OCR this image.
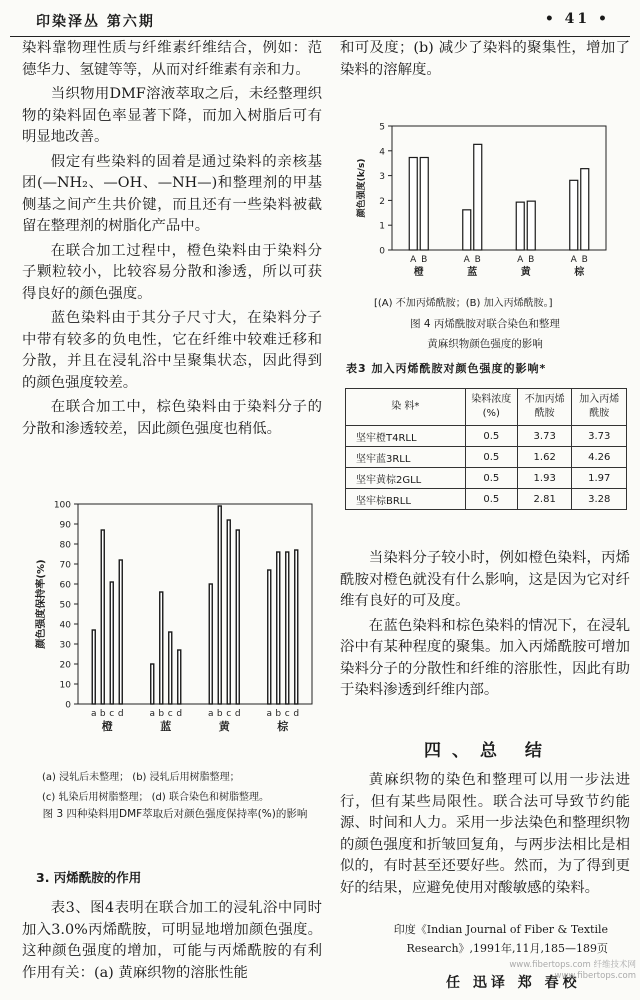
印染泽丛 第六期	• 41 •

染料靠物理性质与纤维素纤维结合，例如：范德华力、氢键等等，从而对纤维素有亲和力。

当织物用DMF溶液萃取之后，未经整理织物的染料固色率显著下降，而加入树脂后可有明显地改善。

假定有些染料的固着是通过染料的亲核基团(—NH₂、—OH、—NH—)和整理剂的甲基侧基之间产生共价键，而且还有一些染料被截留在整理剂的树脂化产品中。

在联合加工过程中，橙色染料由于染料分子颗粒较小，比较容易分散和渗透，所以可获得良好的颜色强度。

蓝色染料由于其分子尺寸大，在染料分子中带有较多的负电性，它在纤维中较难迁移和分散，并且在浸轧浴中呈聚集状态，因此得到的颜色强度较差。

在联合加工中，棕色染料由于染料分子的分散和渗透较差，因此颜色强度也稍低。

0
10
20
30
40
50
60
70
80
90
100
颜色强度保持率(%)
a b c d
橙
a b c d
蓝
a b c d
黄
a b c d
棕
(a) 浸轧后未整理； (b) 浸轧后用树脂整理；
(c) 轧染后用树脂整理； (d) 联合染色和树脂整理。
图 3 四种染料用DMF萃取后对颜色强度保持率(%)的影响
3. 丙烯酰胺的作用

表3、图4表明在联合加工的浸轧浴中同时加入3.0%丙烯酰胺，可明显地增加颜色强度。这种颜色强度的增加，可能与丙烯酰胺的有利作用有关：(a) 黄麻织物的溶胀性能

和可及度；(b) 减少了染料的聚集性，增加了染料的溶解度。

0
1
2
3
4
5
颜色强度(k/s)
A B
橙
A B
蓝
A B
黄
A B
棕
[(A) 不加丙烯酰胺；(B) 加入丙烯酰胺。]
图 4 丙烯酰胺对联合染色和整理
黄麻织物颜色强度的影响
表3 加入丙烯酰胺对颜色强度的影响*
染 料*	染料浓度 (%)	不加丙烯酰胺	加入丙烯酰胺
坚牢橙T4RLL	0.5	3.73	3.73
坚牢蓝3RLL	0.5	1.62	4.26
坚牢黄棕2GLL	0.5	1.93	1.97
坚牢棕BRLL	0.5	2.81	3.28

当染料分子较小时，例如橙色染料，丙烯酰胺对橙色就没有什么影响，这是因为它对纤维有良好的可及度。

在蓝色染料和棕色染料的情况下，在浸轧浴中有某种程度的聚集。加入丙烯酰胺可增加染料分子的分散性和纤维的溶胀性，因此有助于染料渗透到纤维内部。

四、总 结

黄麻织物的染色和整理可以用一步法进行，但有某些局限性。联合法可导致节约能源、时间和人力。采用一步法染色和整理织物的颜色强度和折皱回复角，与两步法相比是相似的，有时甚至还要好些。然而，为了得到更好的结果，应避免使用对酸敏感的染料。

印度《Indian Journal of Fiber & Textile
Research》,1991年,11月,185—189页
任 迅译 郑 春校
www.fibertops.com 纤维技术网
www.fibertops.com
